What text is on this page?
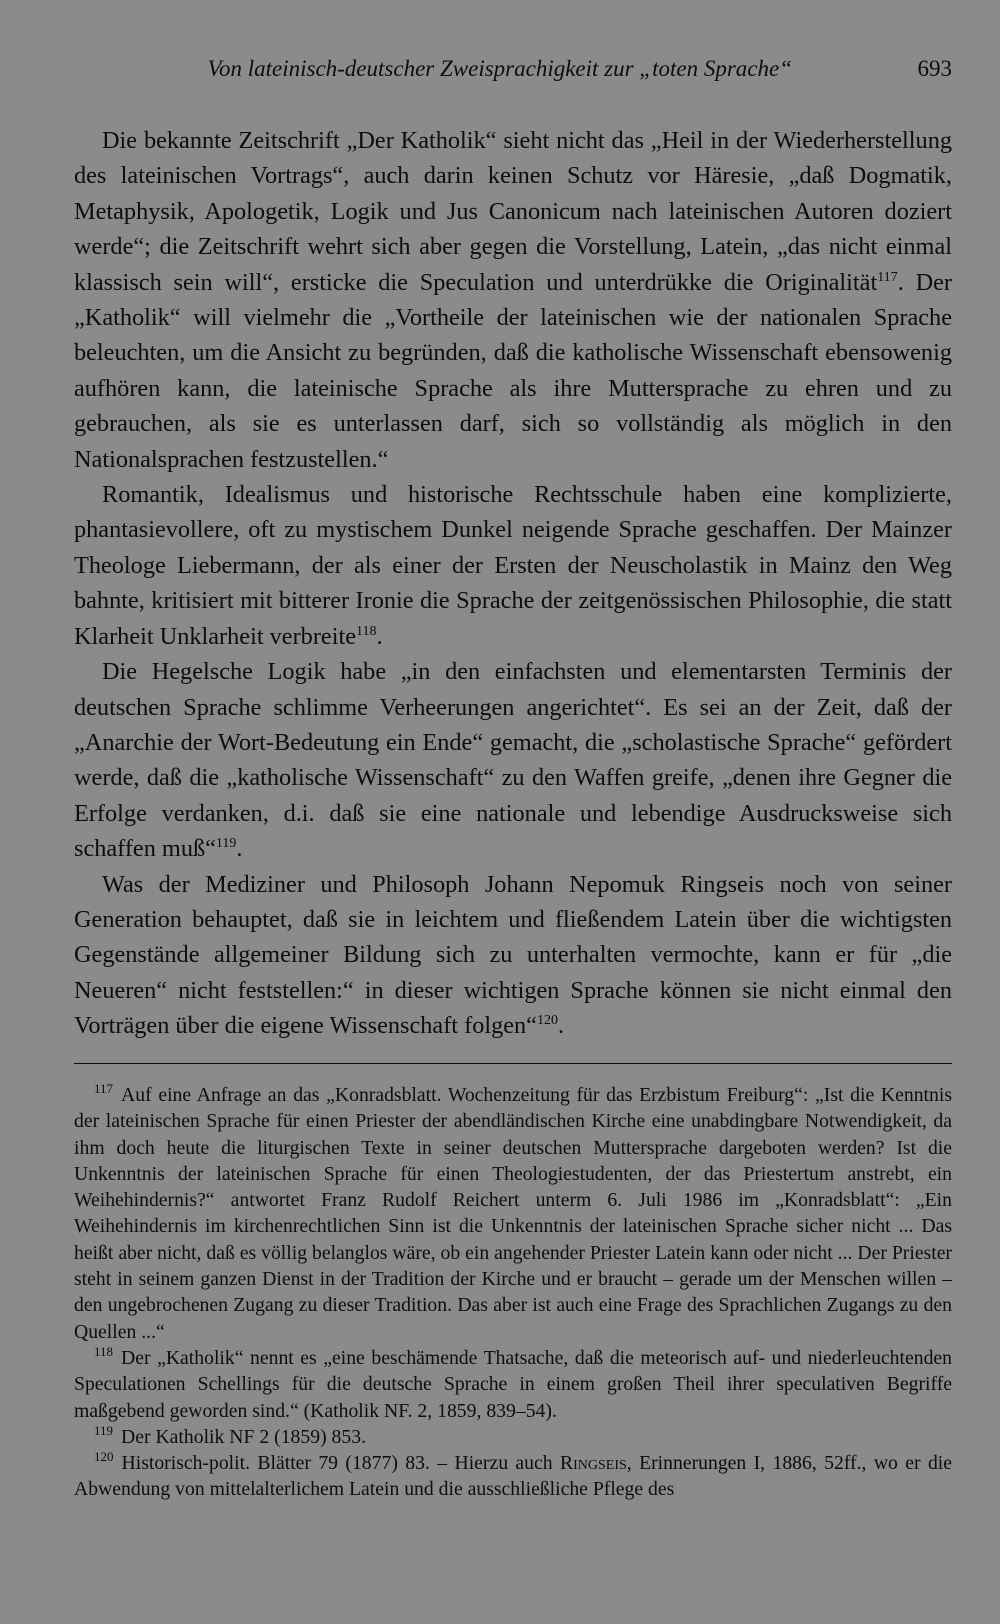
Von lateinisch-deutscher Zweisprachigkeit zur „toten Sprache“	693

Die bekannte Zeitschrift „Der Katholik“ sieht nicht das „Heil in der Wiederherstellung des lateinischen Vortrags“, auch darin keinen Schutz vor Häresie, „daß Dogmatik, Metaphysik, Apologetik, Logik und Jus Canonicum nach lateinischen Autoren doziert werde“; die Zeitschrift wehrt sich aber gegen die Vorstellung, Latein, „das nicht einmal klassisch sein will“, ersticke die Speculation und unterdrükke die Originalität$^{117}$. Der „Katholik“ will vielmehr die „Vortheile der lateinischen wie der nationalen Sprache beleuchten, um die Ansicht zu begründen, daß die katholische Wissenschaft ebensowenig aufhören kann, die lateinische Sprache als ihre Muttersprache zu ehren und zu gebrauchen, als sie es unterlassen darf, sich so vollständig als möglich in den Nationalsprachen festzustellen.“

Romantik, Idealismus und historische Rechtsschule haben eine komplizierte, phantasievollere, oft zu mystischem Dunkel neigende Sprache geschaffen. Der Mainzer Theologe Liebermann, der als einer der Ersten der Neuscholastik in Mainz den Weg bahnte, kritisiert mit bitterer Ironie die Sprache der zeitgenössischen Philosophie, die statt Klarheit Unklarheit verbreite$^{118}$.

Die Hegelsche Logik habe „in den einfachsten und elementarsten Terminis der deutschen Sprache schlimme Verheerungen angerichtet“. Es sei an der Zeit, daß der „Anarchie der Wort-Bedeutung ein Ende“ gemacht, die „scholastische Sprache“ gefördert werde, daß die „katholische Wissenschaft“ zu den Waffen greife, „denen ihre Gegner die Erfolge verdanken, d.i. daß sie eine nationale und lebendige Ausdrucksweise sich schaffen muß“$^{119}$.

Was der Mediziner und Philosoph Johann Nepomuk Ringseis noch von seiner Generation behauptet, daß sie in leichtem und fließendem Latein über die wichtigsten Gegenstände allgemeiner Bildung sich zu unterhalten vermochte, kann er für „die Neueren“ nicht feststellen:“ in dieser wichtigen Sprache können sie nicht einmal den Vorträgen über die eigene Wissenschaft folgen“$^{120}$.

$^{117}$ Auf eine Anfrage an das „Konradsblatt. Wochenzeitung für das Erzbistum Freiburg“: „Ist die Kenntnis der lateinischen Sprache für einen Priester der abendländischen Kirche eine unabdingbare Notwendigkeit, da ihm doch heute die liturgischen Texte in seiner deutschen Muttersprache dargeboten werden? Ist die Unkenntnis der lateinischen Sprache für einen Theologiestudenten, der das Priestertum anstrebt, ein Weihehindernis?“ antwortet Franz Rudolf Reichert unterm 6. Juli 1986 im „Konradsblatt“: „Ein Weihehindernis im kirchenrechtlichen Sinn ist die Unkenntnis der lateinischen Sprache sicher nicht ... Das heißt aber nicht, daß es völlig belanglos wäre, ob ein angehender Priester Latein kann oder nicht ... Der Priester steht in seinem ganzen Dienst in der Tradition der Kirche und er braucht – gerade um der Menschen willen – den ungebrochenen Zugang zu dieser Tradition. Das aber ist auch eine Frage des Sprachlichen Zugangs zu den Quellen ...“

$^{118}$ Der „Katholik“ nennt es „eine beschämende Thatsache, daß die meteorisch auf- und niederleuchtenden Speculationen Schellings für die deutsche Sprache in einem großen Theil ihrer speculativen Begriffe maßgebend geworden sind.“ (Katholik NF. 2, 1859, 839–54).

$^{119}$ Der Katholik NF 2 (1859) 853.

$^{120}$ Historisch-polit. Blätter 79 (1877) 83. – Hierzu auch Ringseis, Erinnerungen I, 1886, 52ff., wo er die Abwendung von mittelalterlichem Latein und die ausschließliche Pflege des
